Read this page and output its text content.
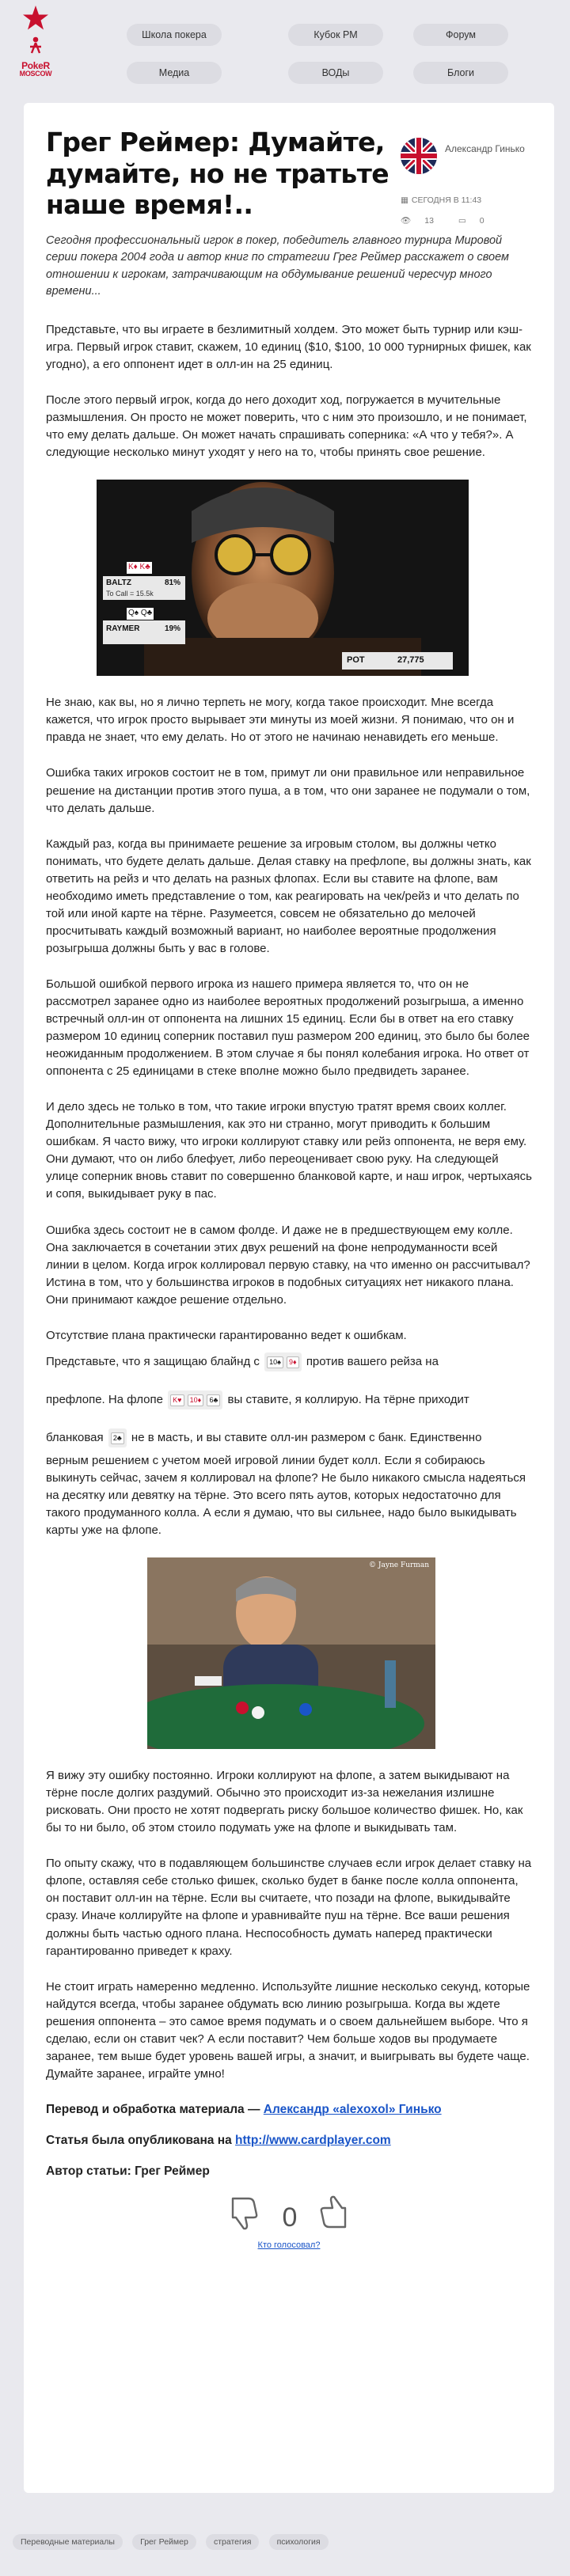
PokeR
MOSCOW
Школа покера	Кубок РМ	Форум
Медиа	ВОДы	Блоги
Грег Реймер: Думайте, думайте, но не тратьте наше время!..
Александр Гинько
▦ СЕГОДНЯ В 11:43
👁 13	▭ 0

Сегодня профессиональный игрок в покер, победитель главного турнира Мировой серии покера 2004 года и автор книг по стратегии Грег Реймер расскажет о своем отношении к игрокам, затрачивающим на обдумывание решений чересчур много времени...

Представьте, что вы играете в безлимитный холдем. Это может быть турнир или кэш-игра. Первый игрок ставит, скажем, 10 единиц ($10, $100, 10 000 турнирных фишек, как угодно), а его оппонент идет в олл-ин на 25 единиц.

После этого первый игрок, когда до него доходит ход, погружается в мучительные размышления. Он просто не может поверить, что с ним это произошло, и не понимает, что ему делать дальше. Он может начать спрашивать соперника: «А что у тебя?». А следующие несколько минут уходят у него на то, чтобы принять свое решение.

K♦ K♣
BALTZ	81%
To Call = 15.5k
Q♠ Q♣
RAYMER	19%
POT	27,775

Не знаю, как вы, но я лично терпеть не могу, когда такое происходит. Мне всегда кажется, что игрок просто вырывает эти минуты из моей жизни. Я понимаю, что он и правда не знает, что ему делать. Но от этого не начинаю ненавидеть его меньше.

Ошибка таких игроков состоит не в том, примут ли они правильное или неправильное решение на дистанции против этого пуша, а в том, что они заранее не подумали о том, что делать дальше.

Каждый раз, когда вы принимаете решение за игровым столом, вы должны четко понимать, что будете делать дальше. Делая ставку на префлопе, вы должны знать, как ответить на рейз и что делать на разных флопах. Если вы ставите на флопе, вам необходимо иметь представление о том, как реагировать на чек/рейз и что делать по той или иной карте на тёрне. Разумеется, совсем не обязательно до мелочей просчитывать каждый возможный вариант, но наиболее вероятные продолжения розыгрыша должны быть у вас в голове.

Большой ошибкой первого игрока из нашего примера является то, что он не рассмотрел заранее одно из наиболее вероятных продолжений розыгрыша, а именно встречный олл-ин от оппонента на лишних 15 единиц. Если бы в ответ на его ставку размером 10 единиц соперник поставил пуш размером 200 единиц, это было бы более неожиданным продолжением. В этом случае я бы понял колебания игрока. Но ответ от оппонента с 25 единицами в стеке вполне можно было предвидеть заранее.

И дело здесь не только в том, что такие игроки впустую тратят время своих коллег. Дополнительные размышления, как это ни странно, могут приводить к большим ошибкам. Я часто вижу, что игроки коллируют ставку или рейз оппонента, не веря ему. Они думают, что он либо блефует, либо переоценивает свою руку. На следующей улице соперник вновь ставит по совершенно бланковой карте, и наш игрок, чертыхаясь и сопя, выкидывает руку в пас.

Ошибка здесь состоит не в самом фолде. И даже не в предшествующем ему колле. Она заключается в сочетании этих двух решений на фоне непродуманности всей линии в целом. Когда игрок коллировал первую ставку, на что именно он рассчитывал? Истина в том, что у большинства игроков в подобных ситуациях нет никакого плана. Они принимают каждое решение отдельно.

Отсутствие плана практически гарантированно ведет к ошибкам.

Представьте, что я защищаю блайнд с 10♠ 9♦ против вашего рейза на
префлопе. На флопе K♥ 10♦ 6♣ вы ставите, я коллирую. На тёрне приходит
бланковая 2♣ не в масть, и вы ставите олл-ин размером с банк. Единственно

верным решением с учетом моей игровой линии будет колл. Если я собираюсь выкинуть сейчас, зачем я коллировал на флопе? Не было никакого смысла надеяться на десятку или девятку на тёрне. Это всего пять аутов, которых недостаточно для такого продуманного колла. А если я думаю, что вы сильнее, надо было выкидывать карты уже на флопе.

© Jayne Furman

Я вижу эту ошибку постоянно. Игроки коллируют на флопе, а затем выкидывают на тёрне после долгих раздумий. Обычно это происходит из-за нежелания излишне рисковать. Они просто не хотят подвергать риску большое количество фишек. Но, как бы то ни было, об этом стоило подумать уже на флопе и выкидывать там.

По опыту скажу, что в подавляющем большинстве случаев если игрок делает ставку на флопе, оставляя себе столько фишек, сколько будет в банке после колла оппонента, он поставит олл-ин на тёрне. Если вы считаете, что позади на флопе, выкидывайте сразу. Иначе коллируйте на флопе и уравнивайте пуш на тёрне. Все ваши решения должны быть частью одного плана. Неспособность думать наперед практически гарантированно приведет к краху.

Не стоит играть намеренно медленно. Используйте лишние несколько секунд, которые найдутся всегда, чтобы заранее обдумать всю линию розыгрыша. Когда вы ждете решения оппонента – это самое время подумать и о своем дальнейшем выборе. Что я сделаю, если он ставит чек? А если поставит? Чем больше ходов вы продумаете заранее, тем выше будет уровень вашей игры, а значит, и выигрывать вы будете чаще. Думайте заранее, играйте умно!

Перевод и обработка материала — Александр «alexoxol» Гинько
Статья была опубликована на http://www.cardplayer.com
Автор статьи: Грег Реймер
0
Кто голосовал?
Переводные материалы	Грег Реймер	стратегия	психология
